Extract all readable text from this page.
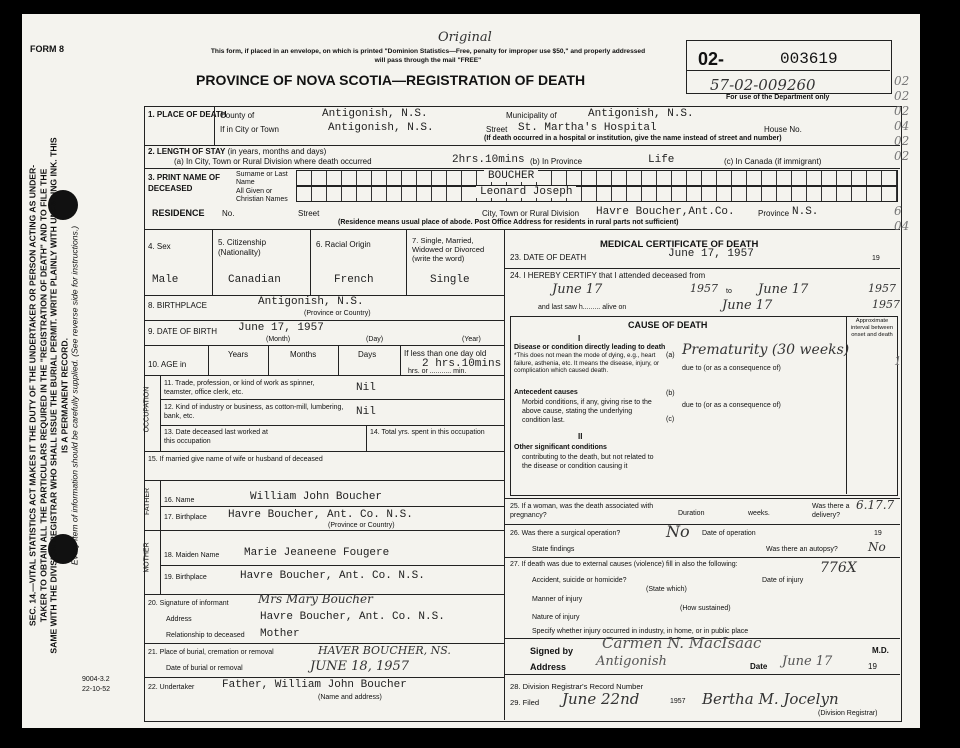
SEC. 14.—VITAL STATISTICS ACT MAKES IT THE DUTY OF THE UNDERTAKER OR PERSON ACTING AS UNDER- TAKER TO OBTAIN ALL THE PARTICULARS REQUIRED IN THE "REGISTRATION OF DEATH" AND TO FILE THE SAME WITH THE DIVISION REGISTRAR WHO SHALL ISSUE THE BURIAL PERMIT. WRITE PLAINLY WITH UNFADING INK. THIS IS A PERMANENT RECORD. Every item of information should be carefully supplied. (See reverse side for instructions.)
FORM 8
9004-3.2
22-10-52
This form, if placed in an envelope, on which is printed "Dominion Statistics—Free, penalty for improper use $50," and properly addressed will pass through the mail "FREE"
Original
PROVINCE OF NOVA SCOTIA—REGISTRATION OF DEATH
02-	003619
57-02-009260
For use of the Department only
1. PLACE OF DEATH
County of	Antigonish, N.S.	Municipality of	Antigonish, N.S.
If in City or Town	Antigonish, N.S.	Street St. Martha's Hospital	House No.
(If death occurred in a hospital or institution, give the name instead of street and number)
2. LENGTH OF STAY (in years, months and days)
(a) In City, Town or Rural Division where death occurred	2hrs.10mins (b) In Province	Life	(c) In Canada (if immigrant)
3. PRINT NAME OF DECEASED
Surname or Last Name
BOUCHER
All Given or Christian Names
Leonard Joseph
RESIDENCE No.	Street	City, Town or Rural Division Havre Boucher,Ant.Co.	Province N.S.
(Residence means usual place of abode. Post Office Address for residents in rural parts not sufficient)
4. Sex	5. Citizenship (Nationality)
6. Racial Origin	7. Single, Married, Widowed or Divorced (write the word)
Male	Canadian	French	Single
8. BIRTHPLACE	Antigonish, N.S.
(Province or Country)
9. DATE OF BIRTH June 17, 1957
(Month)	(Day)	(Year)
10. AGE in
Years	Months	Days	If less than one day old
2 hrs.10mins
hrs. or ........... min.
OCCUPATION
11. Trade, profession, or kind of work as spinner, teamster, office clerk, etc.	Nil
12. Kind of industry or business, as cotton-mill, lumbering, bank, etc.	Nil
13. Date deceased last worked at this occupation
14. Total yrs. spent in this occupation
15. If married give name of wife or husband of deceased
FATHER 16. Name	William John Boucher
17. Birthplace Havre Boucher, Ant. Co. N.S.
(Province or Country)
MOTHER 18. Maiden Name Marie Jeaneene Fougere
19. Birthplace	Havre Boucher, Ant. Co. N.S.
20. Signature of informant Mrs Mary Boucher
Address	Havre Boucher, Ant. Co. N.S.
Relationship to deceased Mother
21. Place of burial, cremation or removal	HAVER BOUCHER, NS.
Date of burial or removal	JUNE 18, 1957
22. Undertaker	Father, William John Boucher
(Name and address)
MEDICAL CERTIFICATE OF DEATH
23. DATE OF DEATH	June 17, 1957	19
24. I HEREBY CERTIFY that I attended deceased from
June 17	1957 to June 17	1957
and last saw h......... alive on	June 17	1957
CAUSE OF DEATH	Approximate interval between onset and death
I
Disease or condition directly leading to death
*This does not mean the mode of dying, e.g., heart failure, asthenia, etc. It means the disease, injury, or complication which caused death.
(a) Prematurity (30 weeks)
due to (or as a consequence of)
Antecedent causes
Morbid conditions, if any, giving rise to the above cause, stating the underlying condition last.
(b)
due to (or as a consequence of)
(c)
II
Other significant conditions
contributing to the death, but not related to the disease or condition causing it
25. If a woman, was the death associated with pregnancy?	Duration	weeks.
Was there a delivery?
6.17.7
26. Was there a surgical operation?	No Date of operation	19
State findings	Was there an autopsy?	No
27. If death was due to external causes (violence) fill in also the following:
Accident, suicide or homicide?
(State which)
Date of injury
776X
Manner of injury
(How sustained)
Nature of injury
Specify whether injury occurred in industry, in home, or in public place
Signed by Carmen N. MacIsaac	M.D.
Address Antigonish	Date June 17	19
28. Division Registrar's Record Number
29. Filed June 22nd	1957 Bertha M. Jocelyn
(Division Registrar)
02
02
02
04
02
02
6
04
1
